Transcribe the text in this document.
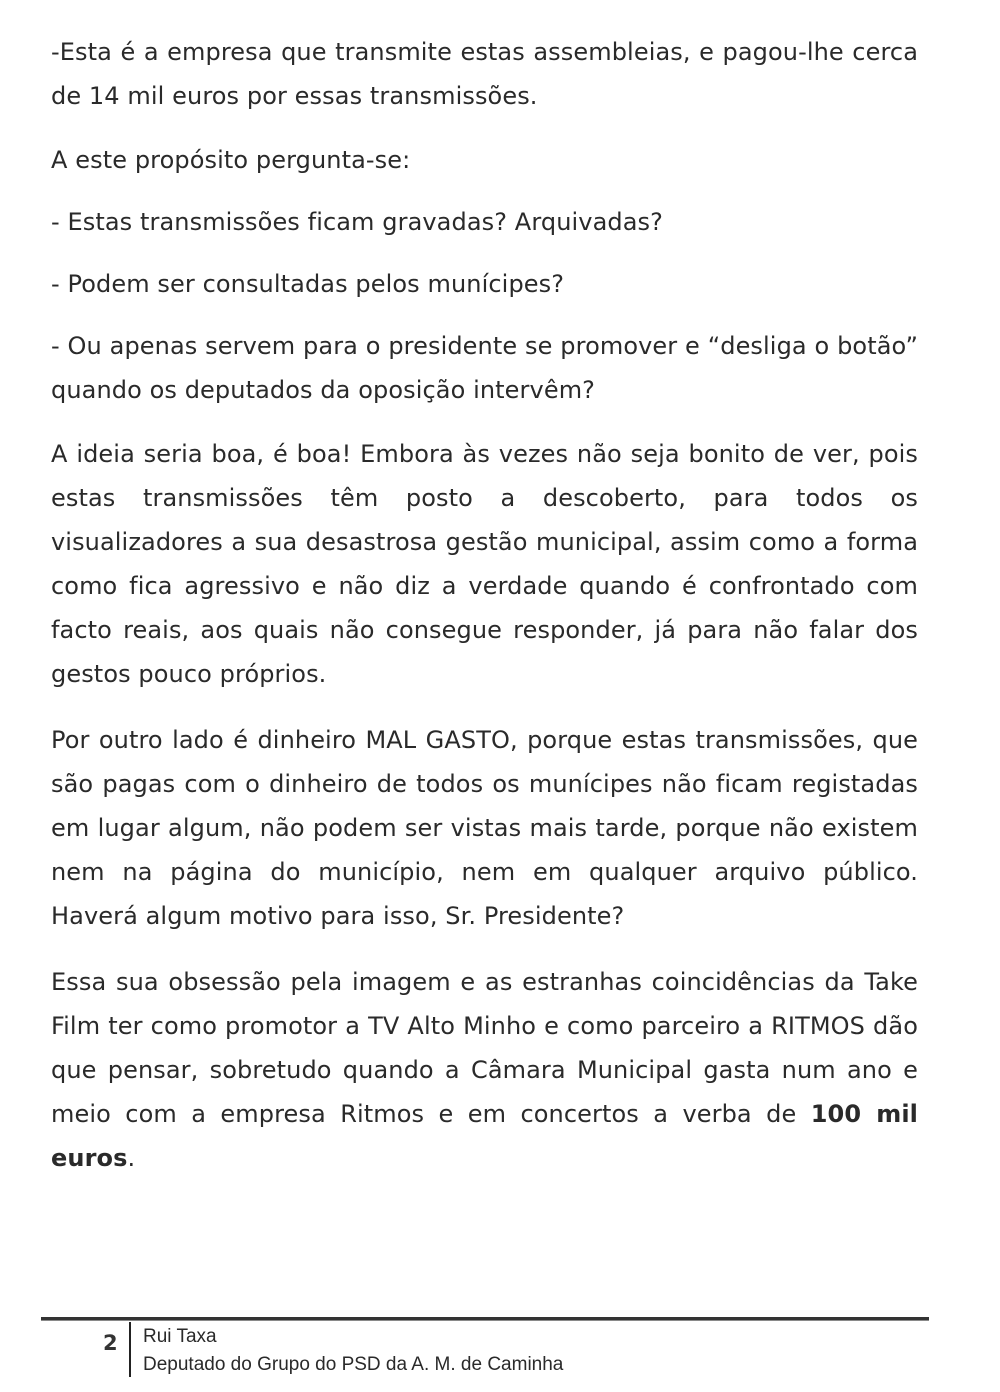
-Esta é a empresa que transmite estas assembleias, e pagou-lhe cerca de 14 mil euros por essas transmissões.

A este propósito pergunta-se:

- Estas transmissões ficam gravadas? Arquivadas?

- Podem ser consultadas pelos munícipes?

- Ou apenas servem para o presidente se promover e “desliga o botão” quando os deputados da oposição intervêm?

A ideia seria boa, é boa! Embora às vezes não seja bonito de ver, pois estas transmissões têm posto a descoberto, para todos os visualizadores a sua desastrosa gestão municipal, assim como a forma como fica agressivo e não diz a verdade quando é confrontado com facto reais, aos quais não consegue responder, já para não falar dos gestos pouco próprios.

Por outro lado é dinheiro MAL GASTO, porque estas transmissões, que são pagas com o dinheiro de todos os munícipes não ficam registadas em lugar algum, não podem ser vistas mais tarde, porque não existem nem na página do município, nem em qualquer arquivo público. Haverá algum motivo para isso, Sr. Presidente?

Essa sua obsessão pela imagem e as estranhas coincidências da Take Film ter como promotor a TV Alto Minho e como parceiro a RITMOS dão que pensar, sobretudo quando a Câmara Municipal gasta num ano e meio com a empresa Ritmos e em concertos a verba de 100 mil euros.

2 Rui Taxa
Deputado do Grupo do PSD da A. M. de Caminha
